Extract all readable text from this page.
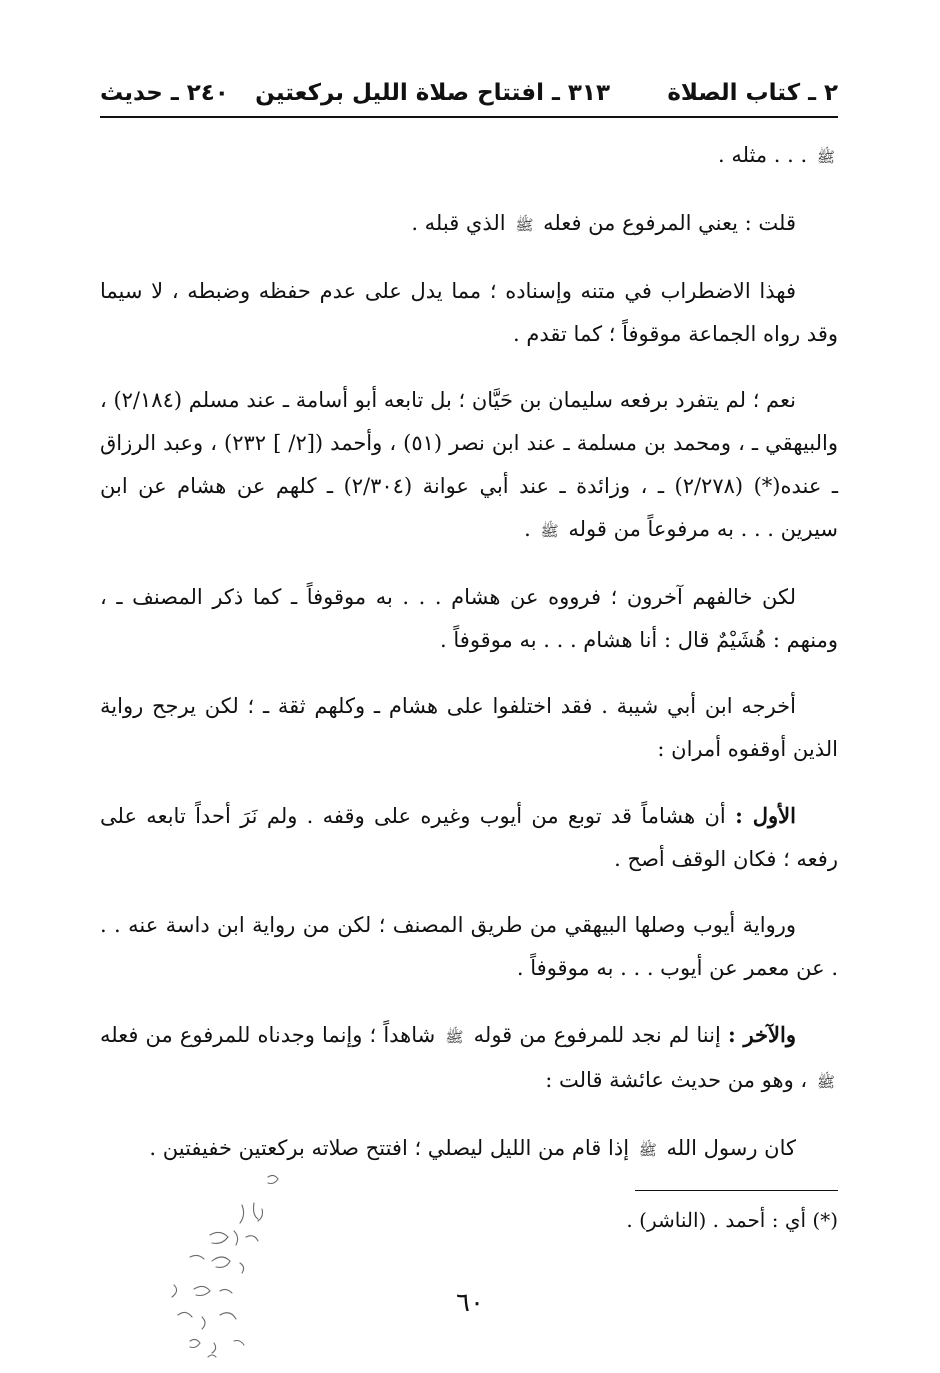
٢ ـ كتاب الصلاة
٣١٣ ـ افتتاح صلاة الليل بركعتين
٢٤٠ ـ حديث

ﷺ . . . مثله .

قلت : يعني المرفوع من فعله ﷺ الذي قبله .

فهذا الاضطراب في متنه وإسناده ؛ مما يدل على عدم حفظه وضبطه ، لا سيما وقد رواه الجماعة موقوفاً ؛ كما تقدم .

نعم ؛ لم يتفرد برفعه سليمان بن حَيَّان ؛ بل تابعه أبو أسامة ـ عند مسلم (٢/١٨٤) ، والبيهقي ـ ، ومحمد بن مسلمة ـ عند ابن نصر (٥١) ، وأحمد ([٢/ ] ٢٣٢) ، وعبد الرزاق ـ عنده(*) (٢/٢٧٨) ـ ، وزائدة ـ عند أبي عوانة (٢/٣٠٤) ـ كلهم عن هشام عن ابن سيرين . . . به مرفوعاً من قوله ﷺ .

لكن خالفهم آخرون ؛ فرووه عن هشام . . . به موقوفاً ـ كما ذكر المصنف ـ ، ومنهم : هُشَيْمٌ قال : أنا هشام . . . به موقوفاً .

أخرجه ابن أبي شيبة . فقد اختلفوا على هشام ـ وكلهم ثقة ـ ؛ لكن يرجح رواية الذين أوقفوه أمران :

الأول : أن هشاماً قد توبع من أيوب وغيره على وقفه . ولم نَرَ أحداً تابعه على رفعه ؛ فكان الوقف أصح .

ورواية أيوب وصلها البيهقي من طريق المصنف ؛ لكن من رواية ابن داسة عنه . . . عن معمر عن أيوب . . . به موقوفاً .

والآخر : إننا لم نجد للمرفوع من قوله ﷺ شاهداً ؛ وإنما وجدناه للمرفوع من فعله ﷺ ، وهو من حديث عائشة قالت :

كان رسول الله ﷺ إذا قام من الليل ليصلي ؛ افتتح صلاته بركعتين خفيفتين .

(*) أي : أحمد . (الناشر) .
٦٠
